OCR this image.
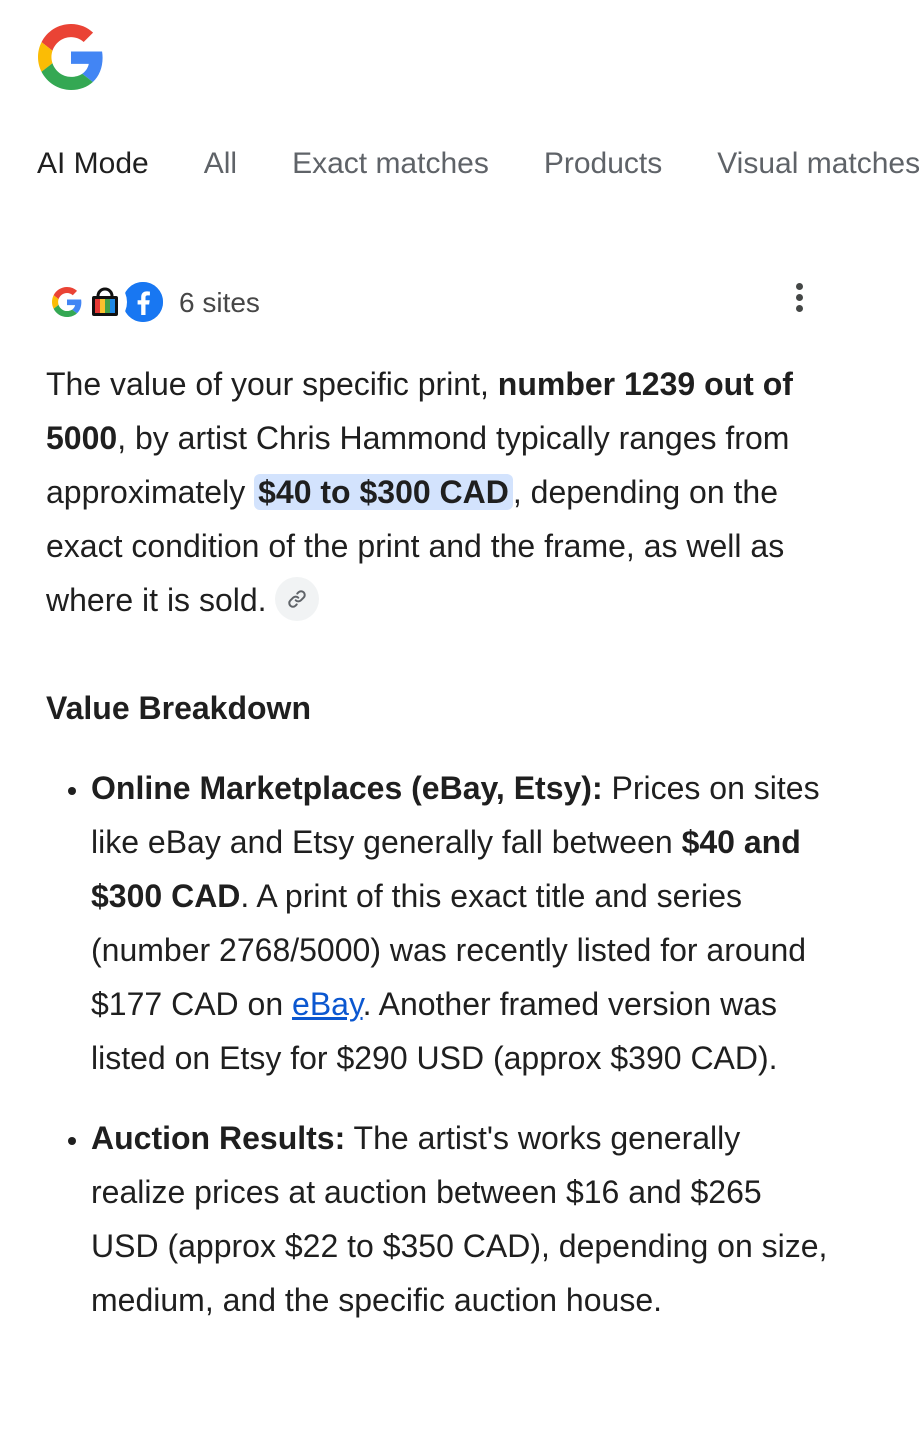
AI Mode All Exact matches Products Visual matches
6 sites

The value of your specific print, number 1239 out of 5000, by artist Chris Hammond typically ranges from approximately $40 to $300 CAD , depending on the exact condition of the print and the frame, as well as where it is sold.

Value Breakdown
• Online Marketplaces (eBay, Etsy): Prices on sites like eBay and Etsy generally fall between $40 and $300 CAD. A print of this exact title and series (number 2768/5000) was recently listed for around $177 CAD on eBay. Another framed version was listed on Etsy for $290 USD (approx $390 CAD).
• Auction Results: The artist's works generally realize prices at auction between $16 and $265 USD (approx $22 to $350 CAD), depending on size, medium, and the specific auction house.
